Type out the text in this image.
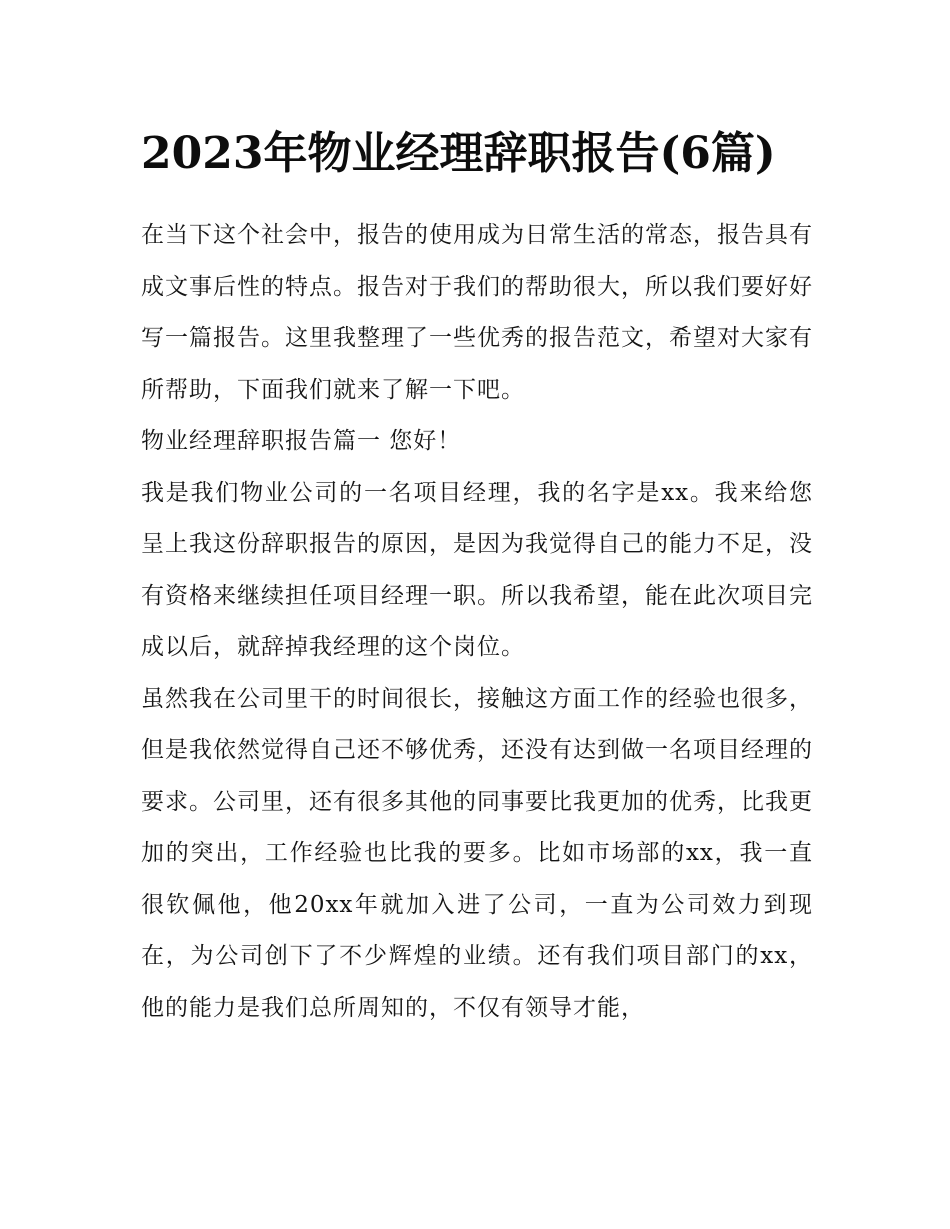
2023年物业经理辞职报告(6篇)

在当下这个社会中，报告的使用成为日常生活的常态，报告具有成文事后性的特点。报告对于我们的帮助很大，所以我们要好好写一篇报告。这里我整理了一些优秀的报告范文，希望对大家有所帮助，下面我们就来了解一下吧。

物业经理辞职报告篇一 您好！

我是我们物业公司的一名项目经理，我的名字是xx。我来给您呈上我这份辞职报告的原因，是因为我觉得自己的能力不足，没有资格来继续担任项目经理一职。所以我希望，能在此次项目完成以后，就辞掉我经理的这个岗位。

虽然我在公司里干的时间很长，接触这方面工作的经验也很多，但是我依然觉得自己还不够优秀，还没有达到做一名项目经理的要求。公司里，还有很多其他的同事要比我更加的优秀，比我更加的突出，工作经验也比我的要多。比如市场部的xx，我一直很钦佩他，他20xx年就加入进了公司，一直为公司效力到现在，为公司创下了不少辉煌的业绩。还有我们项目部门的xx，他的能力是我们总所周知的，不仅有领导才能，
